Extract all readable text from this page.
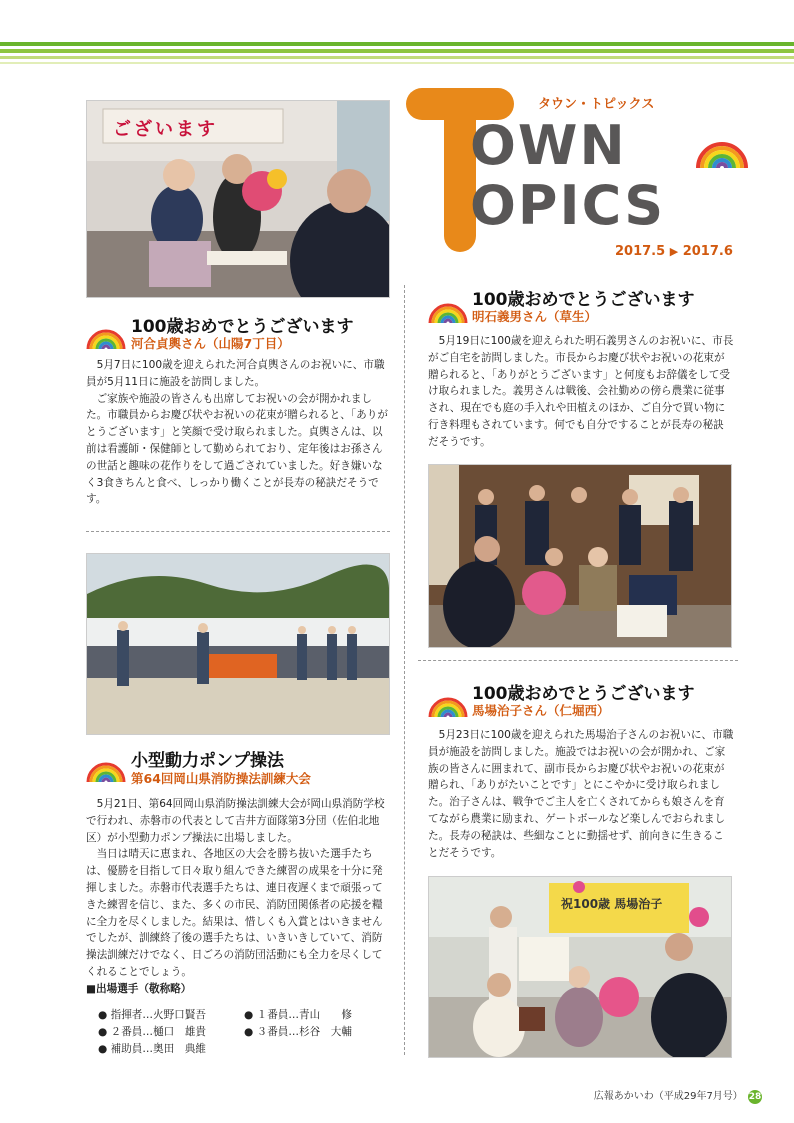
タウン・トピックス
OWN
OPICS
2017.5 ▶ 2017.6
ございます
100歳おめでとうございます
河合貞輿さん（山陽7丁目）

5月7日に100歳を迎えられた河合貞輿さんのお祝いに、市職員が5月11日に施設を訪問しました。

ご家族や施設の皆さんも出席してお祝いの会が開かれました。市職員からお慶び状やお祝いの花束が贈られると、「ありがとうございます」と笑顔で受け取られました。貞輿さんは、以前は看護師・保健師として勤められており、定年後はお孫さんの世話と趣味の花作りをして過ごされていました。好き嫌いなく3食きちんと食べ、しっかり働くことが長寿の秘訣だそうです。

小型動力ポンプ操法
第64回岡山県消防操法訓練大会

5月21日、第64回岡山県消防操法訓練大会が岡山県消防学校で行われ、赤磐市の代表として吉井方面隊第3分団（佐伯北地区）が小型動力ポンプ操法に出場しました。

当日は晴天に恵まれ、各地区の大会を勝ち抜いた選手たちは、優勝を目指して日々取り組んできた練習の成果を十分に発揮しました。赤磐市代表選手たちは、連日夜遅くまで頑張ってきた練習を信じ、また、多くの市民、消防団関係者の応援を糧に全力を尽くしました。結果は、惜しくも入賞とはいきませんでしたが、訓練終了後の選手たちは、いきいきしていて、消防操法訓練だけでなく、日ごろの消防団活動にも全力を尽くしてくれることでしょう。

■出場選手（敬称略）
● 指揮者…火野口賢吾	● １番員…青山　　修
● ２番員…樋口　雄貴	● ３番員…杉谷　大輔
● 補助員…奥田　典維
100歳おめでとうございます
明石義男さん（草生）

5月19日に100歳を迎えられた明石義男さんのお祝いに、市長がご自宅を訪問しました。市長からお慶び状やお祝いの花束が贈られると、「ありがとうございます」と何度もお辞儀をして受け取られました。義男さんは戦後、会社勤めの傍ら農業に従事され、現在でも庭の手入れや田植えのほか、ご自分で買い物に行き料理もされています。何でも自分ですることが長寿の秘訣だそうです。

100歳おめでとうございます
馬場治子さん（仁堀西）

5月23日に100歳を迎えられた馬場治子さんのお祝いに、市職員が施設を訪問しました。施設ではお祝いの会が開かれ、ご家族の皆さんに囲まれて、副市長からお慶び状やお祝いの花束が贈られ、「ありがたいことです」とにこやかに受け取られました。治子さんは、戦争でご主人を亡くされてからも娘さんを育てながら農業に励まれ、ゲートボールなど楽しんでおられました。長寿の秘訣は、些細なことに動揺せず、前向きに生きることだそうです。

祝100歳 馬場治子
広報あかいわ（平成29年7月号） 28
